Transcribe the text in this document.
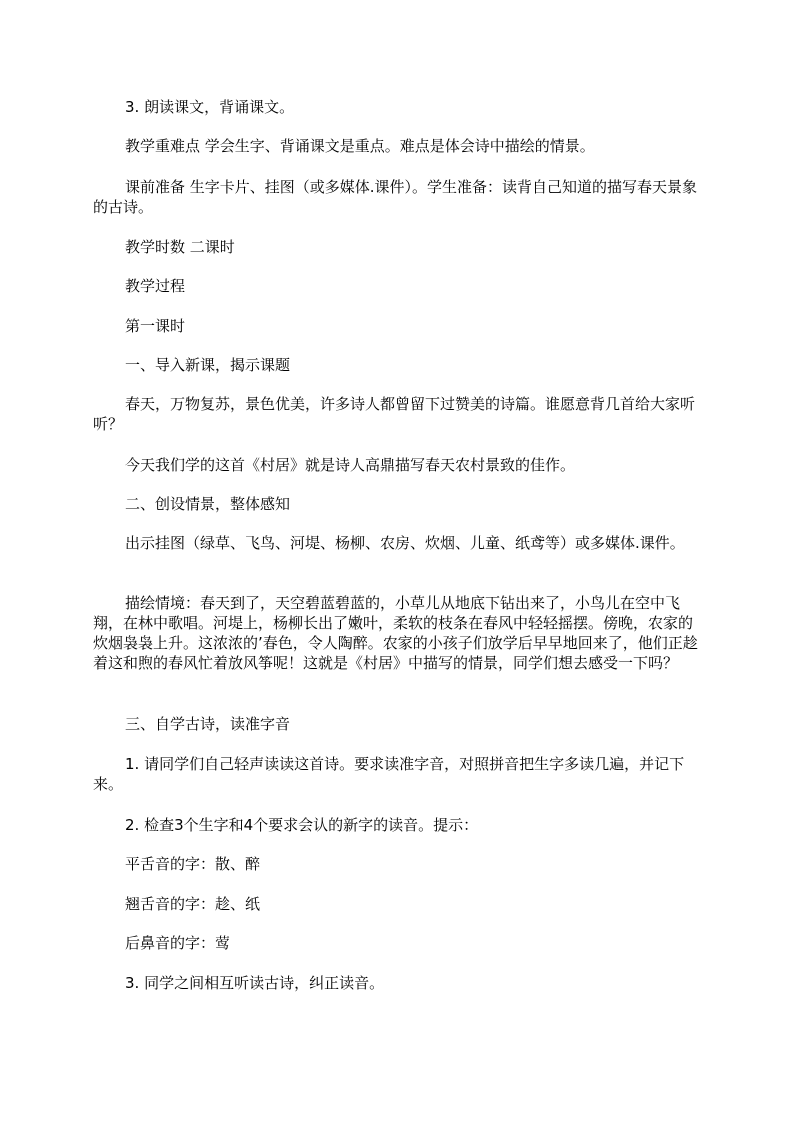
3. 朗读课文，背诵课文。

教学重难点 学会生字、背诵课文是重点。难点是体会诗中描绘的情景。

课前准备 生字卡片、挂图（或多媒体.课件）。学生准备：读背自己知道的描写春天景象的古诗。

教学时数 二课时

教学过程

第一课时

一、导入新课，揭示课题

春天，万物复苏，景色优美，许多诗人都曾留下过赞美的诗篇。谁愿意背几首给大家听听？

今天我们学的这首《村居》就是诗人高鼎描写春天农村景致的佳作。

二、创设情景，整体感知

出示挂图（绿草、飞鸟、河堤、杨柳、农房、炊烟、儿童、纸鸢等）或多媒体.课件。

描绘情境：春天到了，天空碧蓝碧蓝的，小草儿从地底下钻出来了，小鸟儿在空中飞翔，在林中歌唱。河堤上，杨柳长出了嫩叶，柔软的枝条在春风中轻轻摇摆。傍晚，农家的炊烟袅袅上升。这浓浓的’春色，令人陶醉。农家的小孩子们放学后早早地回来了，他们正趁着这和煦的春风忙着放风筝呢！这就是《村居》中描写的情景，同学们想去感受一下吗？

三、自学古诗，读准字音

1. 请同学们自己轻声读读这首诗。要求读准字音，对照拼音把生字多读几遍，并记下来。

2. 检查3个生字和4个要求会认的新字的读音。提示：

平舌音的字：散、醉

翘舌音的字：趁、纸

后鼻音的字：莺

3. 同学之间相互听读古诗，纠正读音。
